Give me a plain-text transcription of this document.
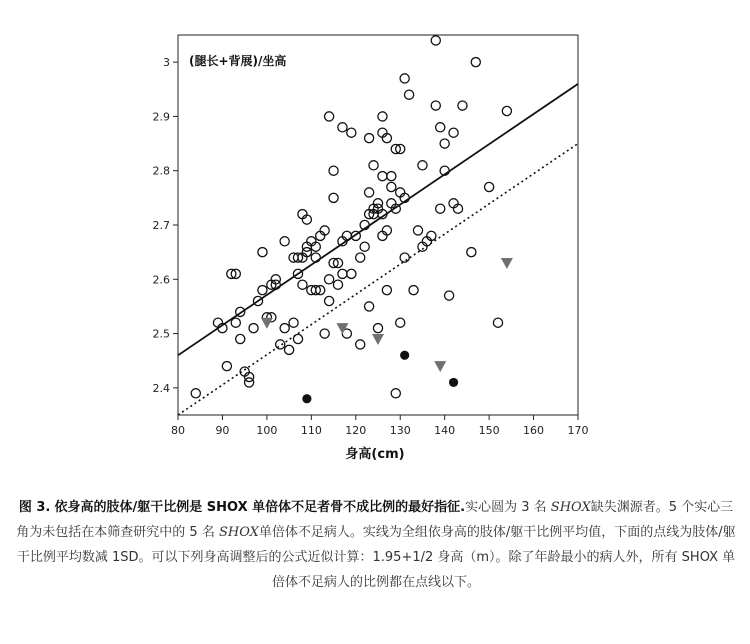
80	90 100 110 120 130 140 150 160 170
2.4
2.5
2.6
2.7
2.8
2.9
3 (腿长+背展)/坐高
身高(cm)
图 3. 依身高的肢体/躯干比例是 SHOX 单倍体不足者骨不成比例的最好指征.实心圆为 3 名 SHOX缺失渊源者。5 个实心三角为未包括在本筛查研究中的 5 名 SHOX单倍体不足病人。实线为全组依身高的肢体/躯干比例平均值，下面的点线为肢体/躯干比例平均数减 1SD。可以下列身高调整后的公式近似计算：1.95+1/2 身高（m）。除了年龄最小的病人外，所有 SHOX 单倍体不足病人的比例都在点线以下。
